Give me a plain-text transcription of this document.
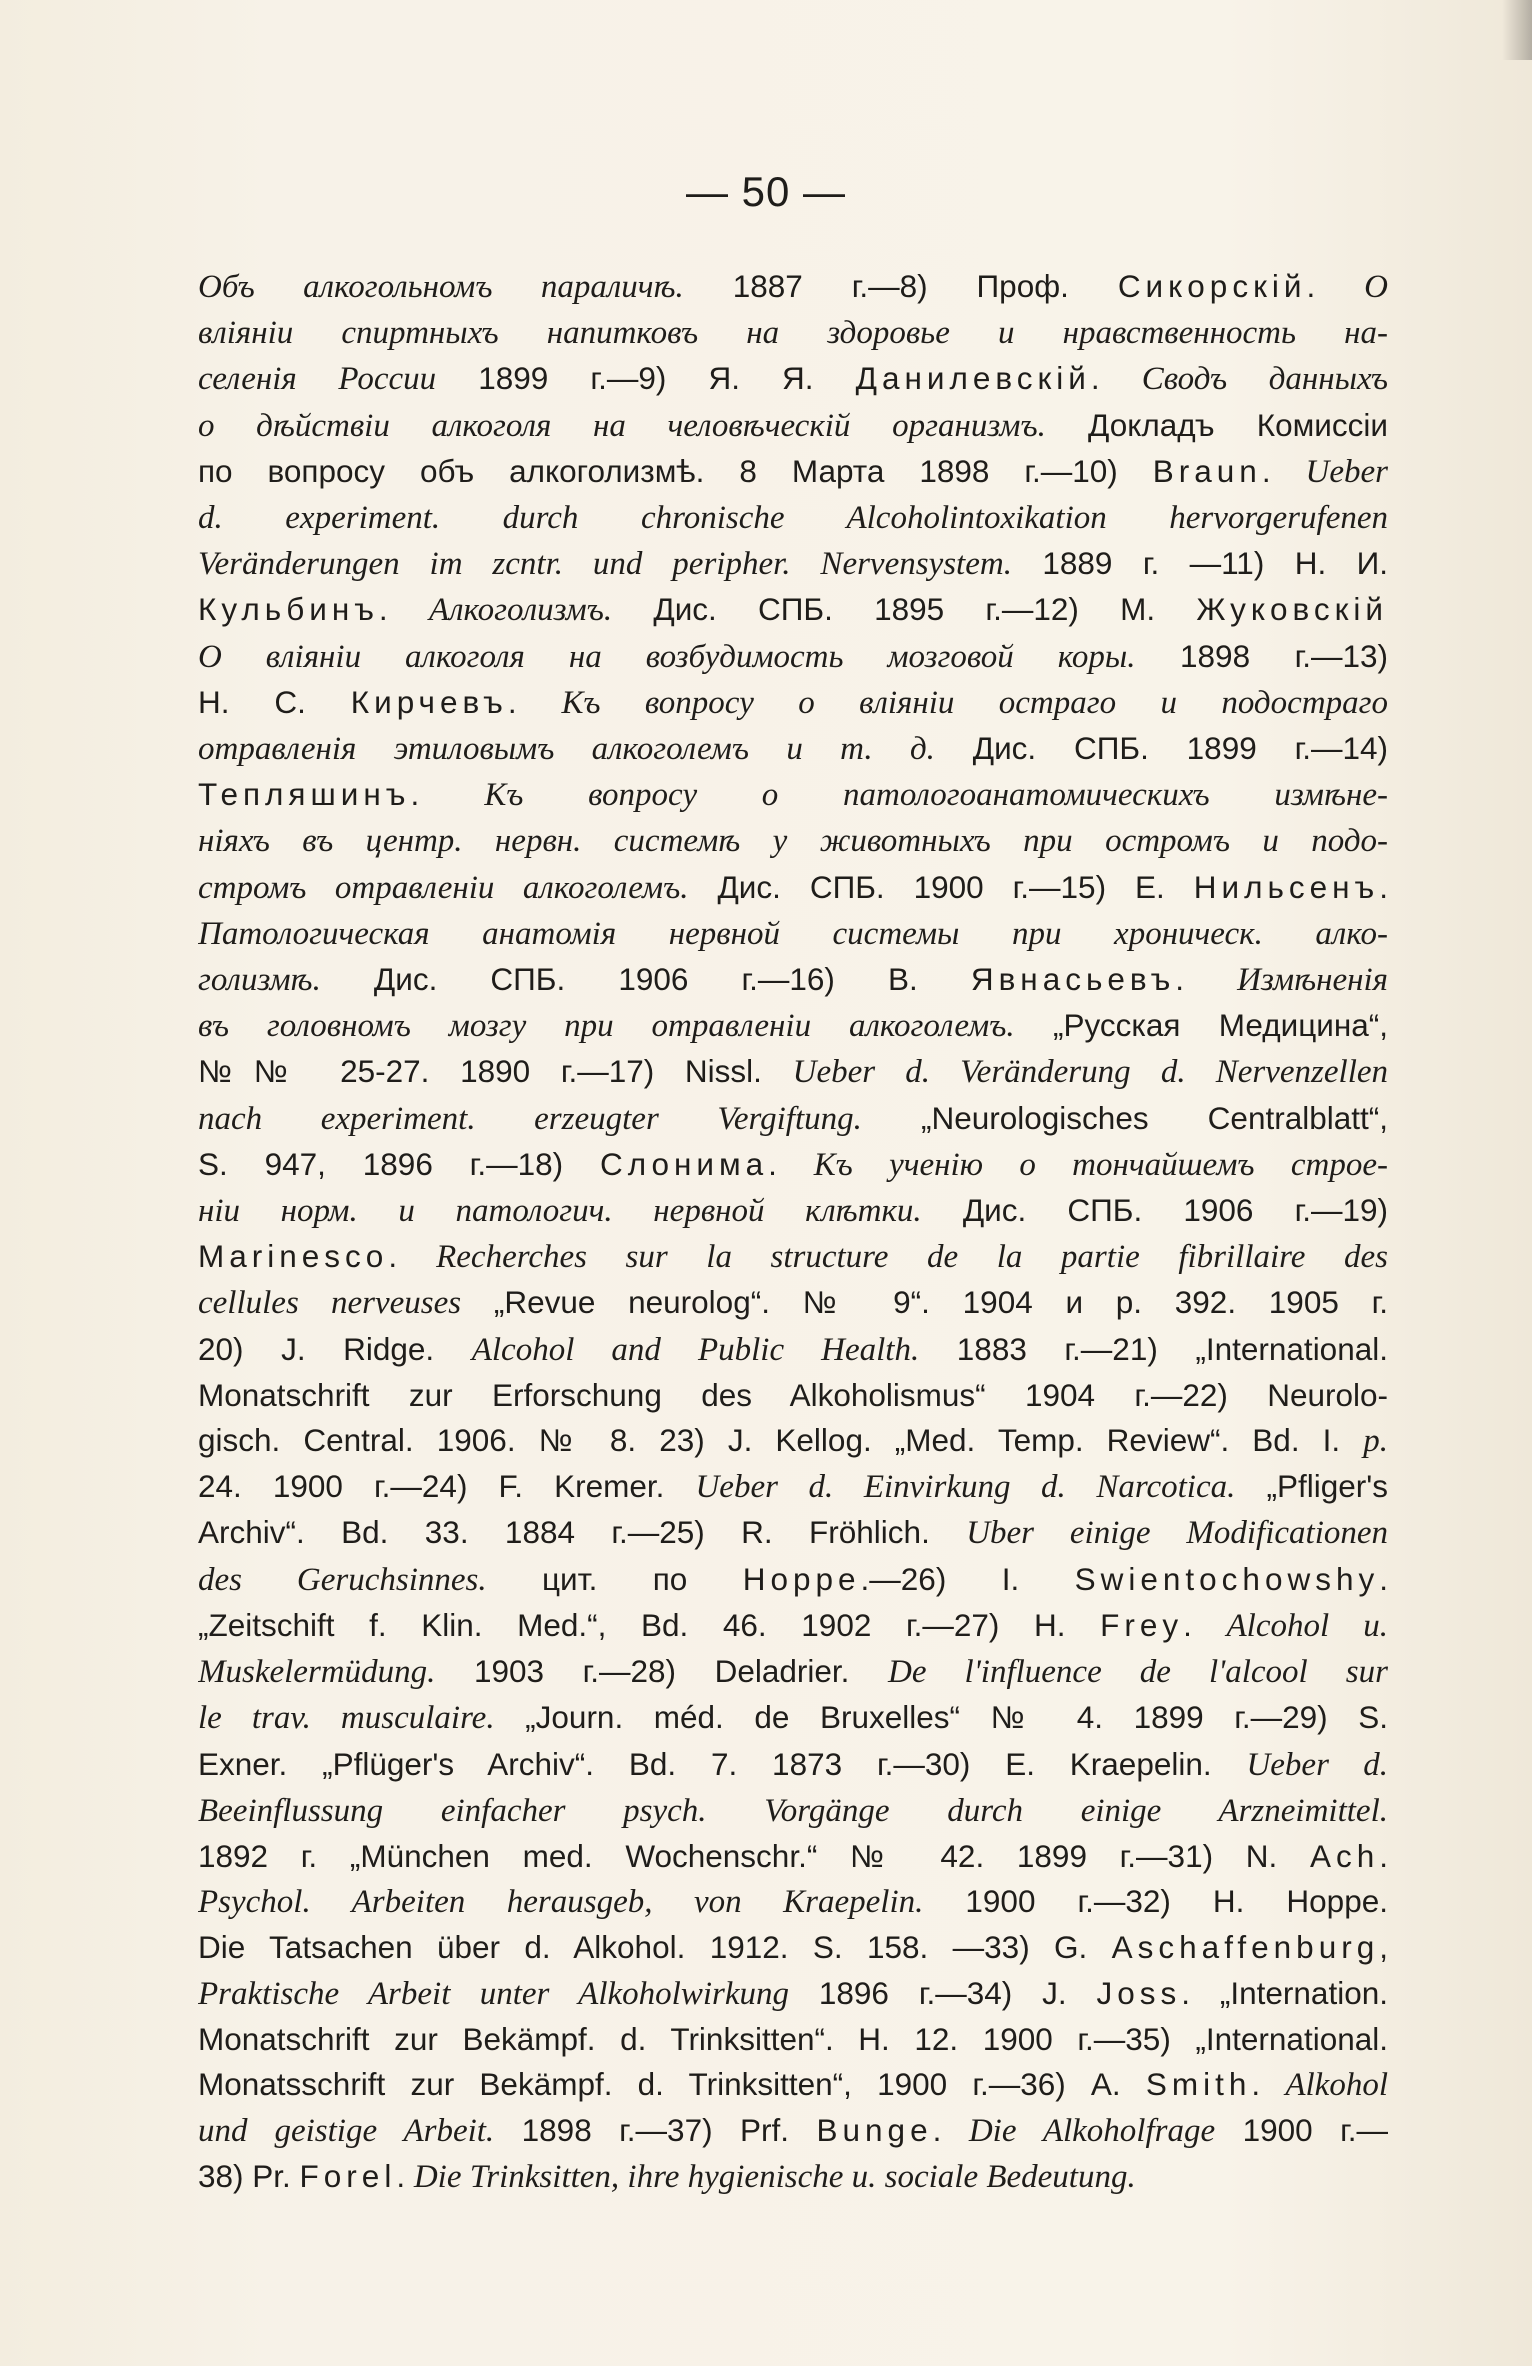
— 50 —
Объ алкогольномъ параличѣ. 1887 г.—8) Проф. Сикорскій. О
вліяніи спиртныхъ напитковъ на здоровье и нравственность на-
селенія России 1899 г.—9) Я. Я. Данилевскій. Сводъ данныхъ
о дѣйствіи алкоголя на человѣческій организмъ. Докладъ Комиссіи
по вопросу объ алкоголизмѣ. 8 Марта 1898 г.—10) Braun. Ueber
d. experiment. durch chronische Alcoholintoxikation hervorgerufenen
Veränderungen im zcntr. und peripher. Nervensystem. 1889 г. —11) Н. И.
Кульбинъ. Алкоголизмъ. Дис. СПБ. 1895 г.—12) М. Жуковскій
О вліяніи алкоголя на возбудимость мозговой коры. 1898 г.—13)
Н. С. Кирчевъ. Къ вопросу о вліяніи остраго и подостраго
отравленія этиловымъ алкоголемъ и т. д. Дис. СПБ. 1899 г.—14)
Тепляшинъ. Къ вопросу о патологоанатомическихъ измѣне-
ніяхъ въ центр. нервн. системѣ у животныхъ при остромъ и подо-
стромъ отравленіи алкоголемъ. Дис. СПБ. 1900 г.—15) Е. Нильсенъ.
Патологическая анатомія нервной системы при хроническ. алко-
голизмѣ. Дис. СПБ. 1906 г.—16) В. Явнасьевъ. Измѣненія
въ головномъ мозгу при отравленіи алкоголемъ. „Русская Медицина“,
№№ 25-27. 1890 г.—17) Nissl. Ueber d. Veränderung d. Nervenzellen
nach experiment. erzeugter Vergiftung. „Neurologisches Centralblatt“,
S. 947, 1896 г.—18) Слонима. Къ ученію о тончайшемъ строе-
ніи норм. и патологич. нервной клѣтки. Дис. СПБ. 1906 г.—19)
Marinesco. Recherches sur la structure de la partie fibrillaire des
cellules nerveuses „Revue neurolog“. № 9“. 1904 и р. 392. 1905 г.
20) J. Ridge. Alcohol and Public Health. 1883 г.—21) „International.
Monatschrift zur Erforschung des Alkoholismus“ 1904 г.—22) Neurolo-
gisch. Central. 1906. № 8. 23) J. Kellog. „Med. Temp. Review“. Bd. I. p.
24. 1900 г.—24) F. Kremer. Ueber d. Einvirkung d. Narcotica. „Pfliger's
Archiv“. Bd. 33. 1884 г.—25) R. Fröhlich. Uber einige Modificationen
des Geruchsinnes. цит. по Hoppe.—26) I. Swientochowshy.
„Zeitschift f. Klin. Med.“, Bd. 46. 1902 г.—27) H. Frey. Alcohol u.
Muskelermüdung. 1903 г.—28) Deladrier. De l'influence de l'alcool sur
le trav. musculaire. „Journ. méd. de Bruxelles“ № 4. 1899 г.—29) S.
Exner. „Pflüger's Archiv“. Bd. 7. 1873 г.—30) E. Kraepelin. Ueber d.
Beeinflussung einfacher psych. Vorgänge durch einige Arzneimittel.
1892 г. „München med. Wochenschr.“ № 42. 1899 г.—31) N. Ach.
Psychol. Arbeiten herausgeb, von Kraepelin. 1900 г.—32) H. Hoppe.
Die Tatsachen über d. Alkohol. 1912. S. 158. —33) G. Aschaffenburg,
Praktische Arbeit unter Alkoholwirkung 1896 г.—34) J. Joss. „Internation.
Monatschrift zur Bekämpf. d. Trinksitten“. H. 12. 1900 г.—35) „International.
Monatsschrift zur Bekämpf. d. Trinksitten“, 1900 г.—36) A. Smith. Alkohol
und geistige Arbeit. 1898 г.—37) Prf. Bunge. Die Alkoholfrage 1900 г.—
38) Pr. Forel. Die Trinksitten, ihre hygienische u. sociale Bedeutung.
